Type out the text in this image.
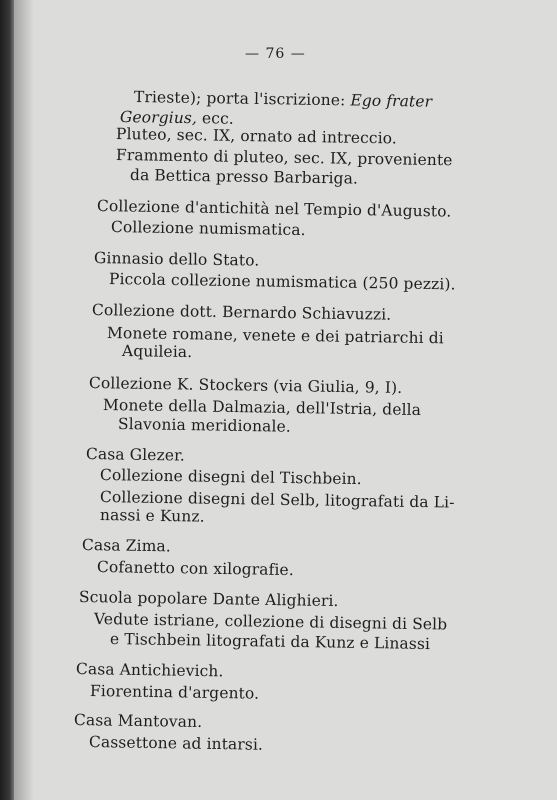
— 76 —
Trieste); porta l'iscrizione: Ego frater
Georgius, ecc.
Pluteo, sec. IX, ornato ad intreccio.
Frammento di pluteo, sec. IX, proveniente
da Bettica presso Barbariga.
Collezione d'antichità nel Tempio d'Augusto.
Collezione numismatica.
Ginnasio dello Stato.
Piccola collezione numismatica (250 pezzi).
Collezione dott. Bernardo Schiavuzzi.
Monete romane, venete e dei patriarchi di
Aquileia.
Collezione K. Stockers (via Giulia, 9, I).
Monete della Dalmazia, dell'Istria, della
Slavonia meridionale.
Casa Glezer.
Collezione disegni del Tischbein.
Collezione disegni del Selb, litografati da Li-
nassi e Kunz.
Casa Zima.
Cofanetto con xilografie.
Scuola popolare Dante Alighieri.
Vedute istriane, collezione di disegni di Selb
e Tischbein litografati da Kunz e Linassi
Casa Antichievich.
Fiorentina d'argento.
Casa Mantovan.
Cassettone ad intarsi.
